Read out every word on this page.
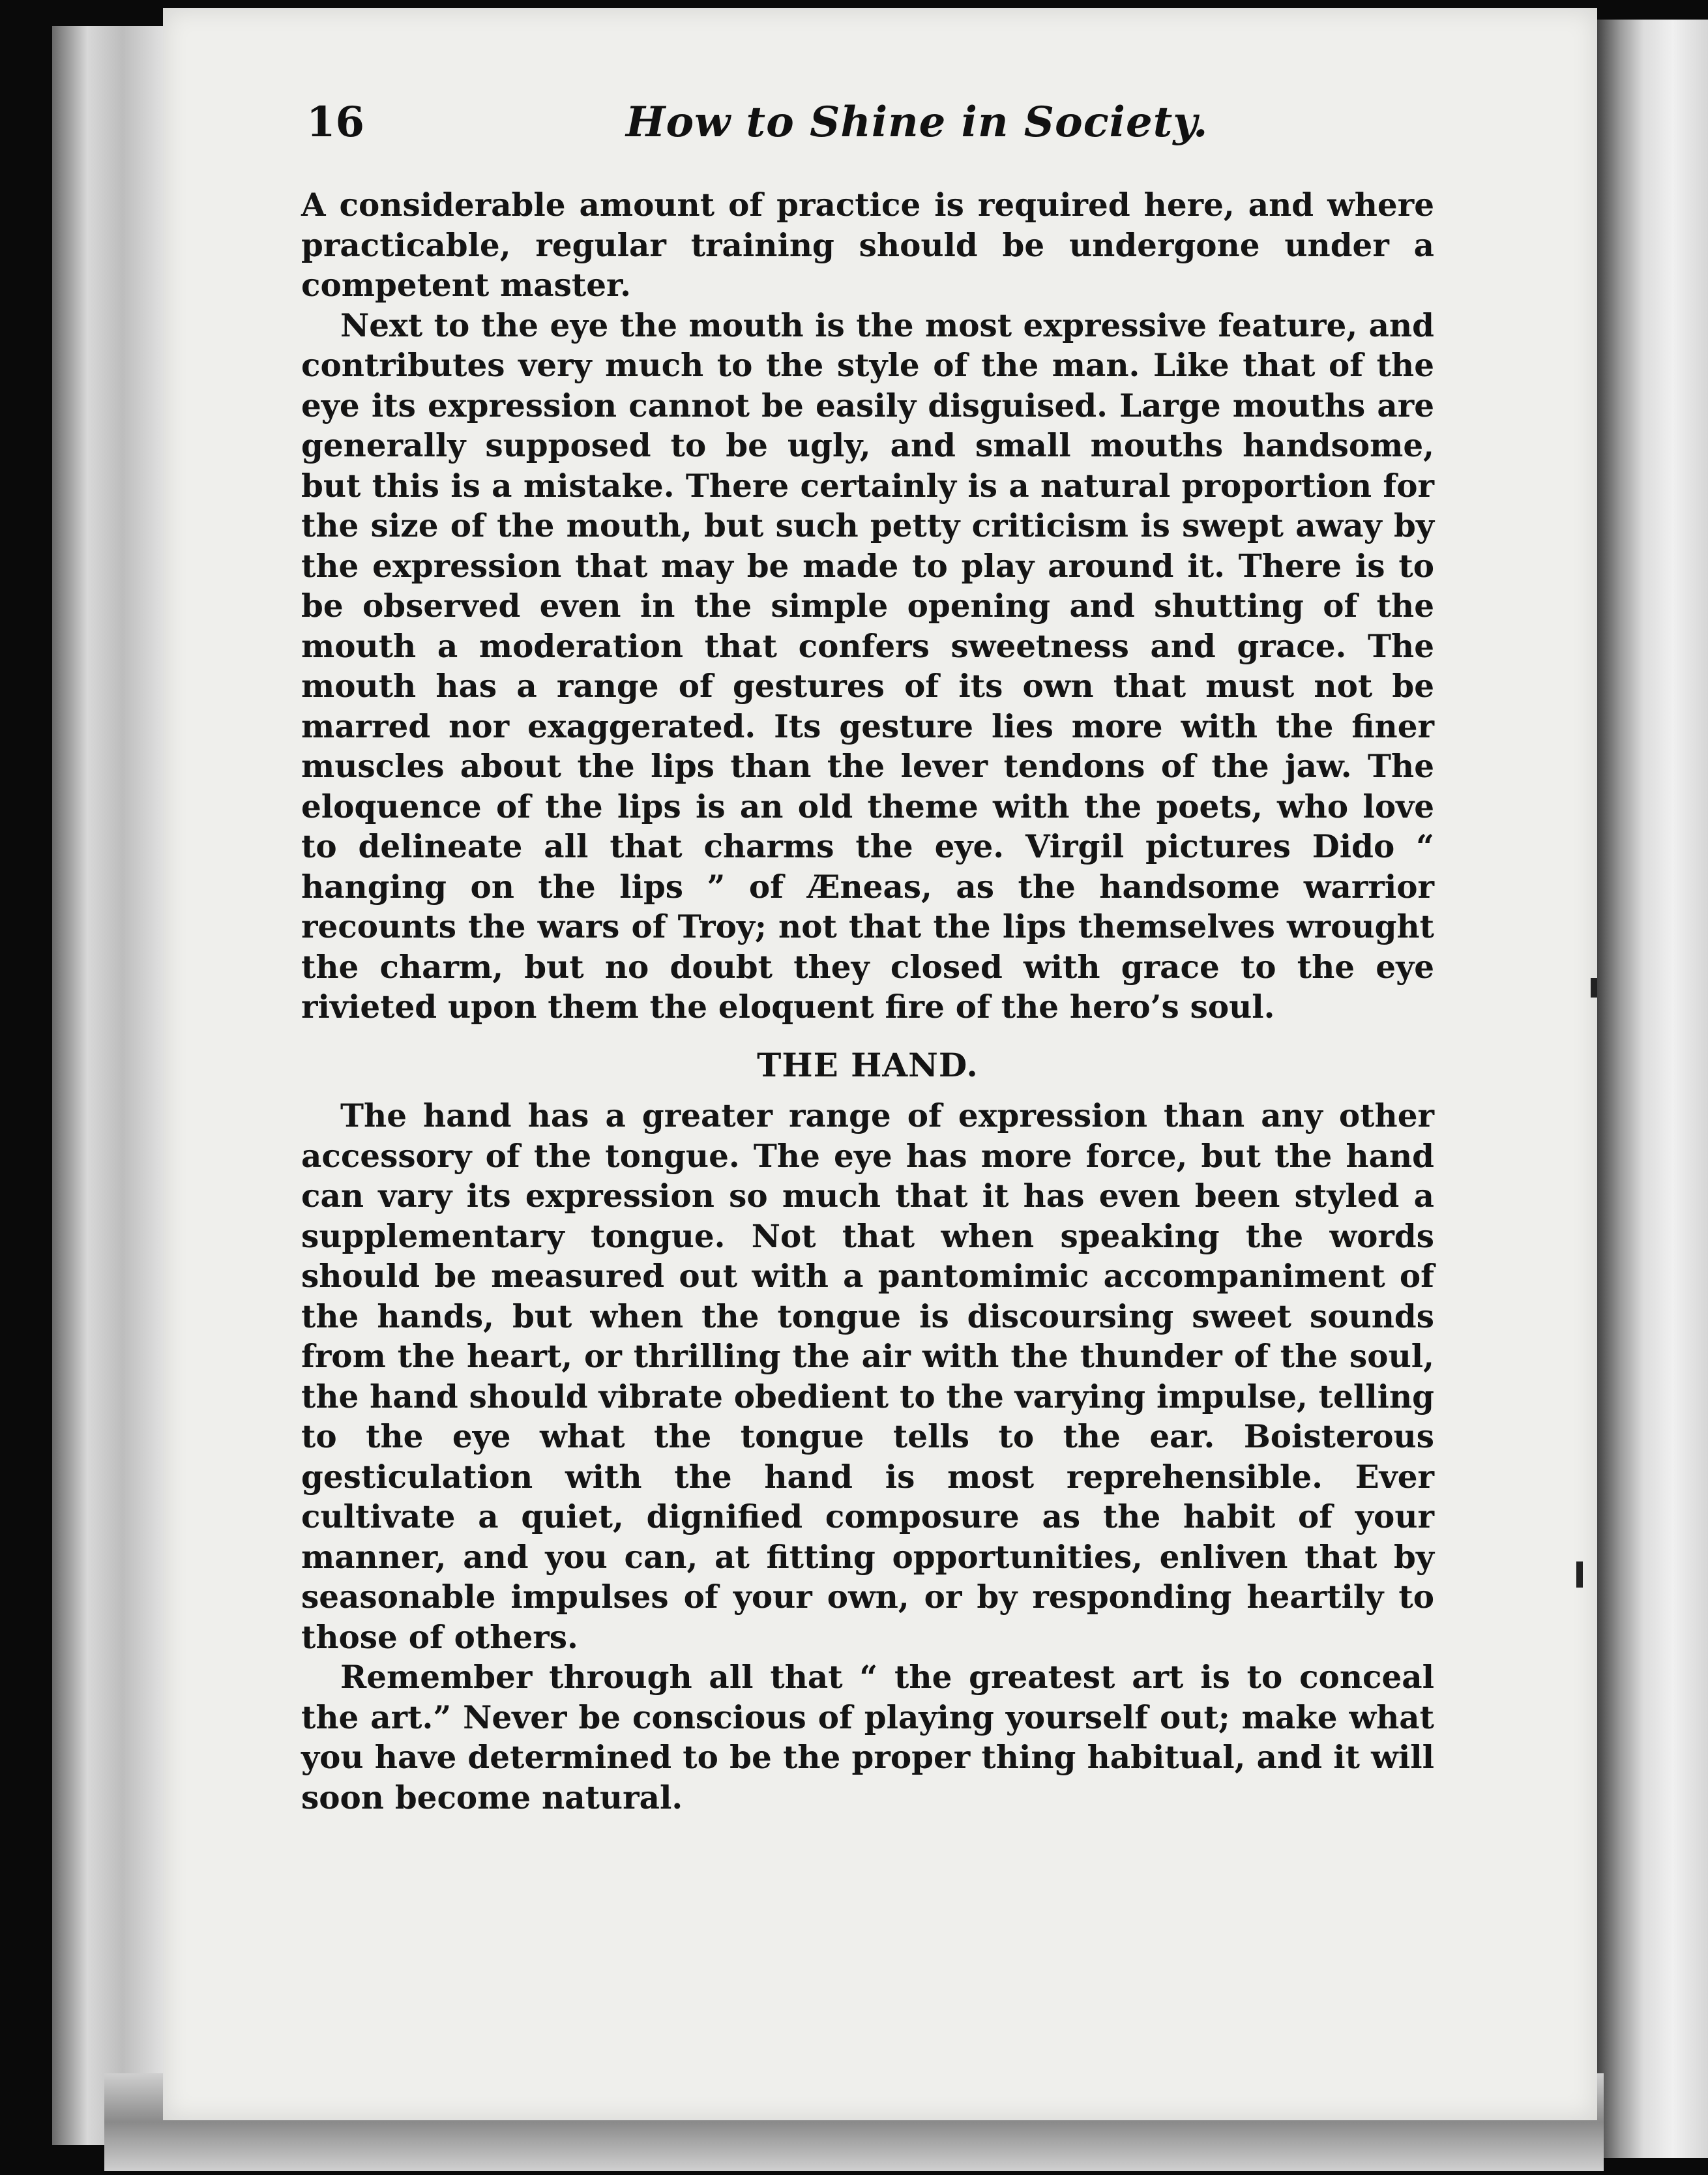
16	How to Shine in Society.

A considerable amount of practice is required here, and where practicable, regular training should be undergone under a competent master.

Next to the eye the mouth is the most expressive feature, and contributes very much to the style of the man. Like that of the eye its expression cannot be easily disguised. Large mouths are generally supposed to be ugly, and small mouths handsome, but this is a mistake. There certainly is a natural proportion for the size of the mouth, but such petty criticism is swept away by the expression that may be made to play around it. There is to be observed even in the simple opening and shutting of the mouth a moderation that confers sweetness and grace. The mouth has a range of gestures of its own that must not be marred nor exaggerated. Its gesture lies more with the finer muscles about the lips than the lever tendons of the jaw. The eloquence of the lips is an old theme with the poets, who love to delineate all that charms the eye. Virgil pictures Dido “ hanging on the lips ” of Æneas, as the handsome warrior recounts the wars of Troy; not that the lips themselves wrought the charm, but no doubt they closed with grace to the eye rivieted upon them the eloquent fire of the hero’s soul.

THE HAND.

The hand has a greater range of expression than any other accessory of the tongue. The eye has more force, but the hand can vary its expression so much that it has even been styled a supplementary tongue. Not that when speaking the words should be measured out with a pantomimic accompaniment of the hands, but when the tongue is discoursing sweet sounds from the heart, or thrilling the air with the thunder of the soul, the hand should vibrate obedient to the varying impulse, telling to the eye what the tongue tells to the ear. Boisterous gesticulation with the hand is most reprehensible. Ever cultivate a quiet, dignified composure as the habit of your manner, and you can, at fitting opportunities, enliven that by seasonable impulses of your own, or by responding heartily to those of others.

Remember through all that “ the greatest art is to conceal the art.” Never be conscious of playing yourself out; make what you have determined to be the proper thing habitual, and it will soon become natural.
